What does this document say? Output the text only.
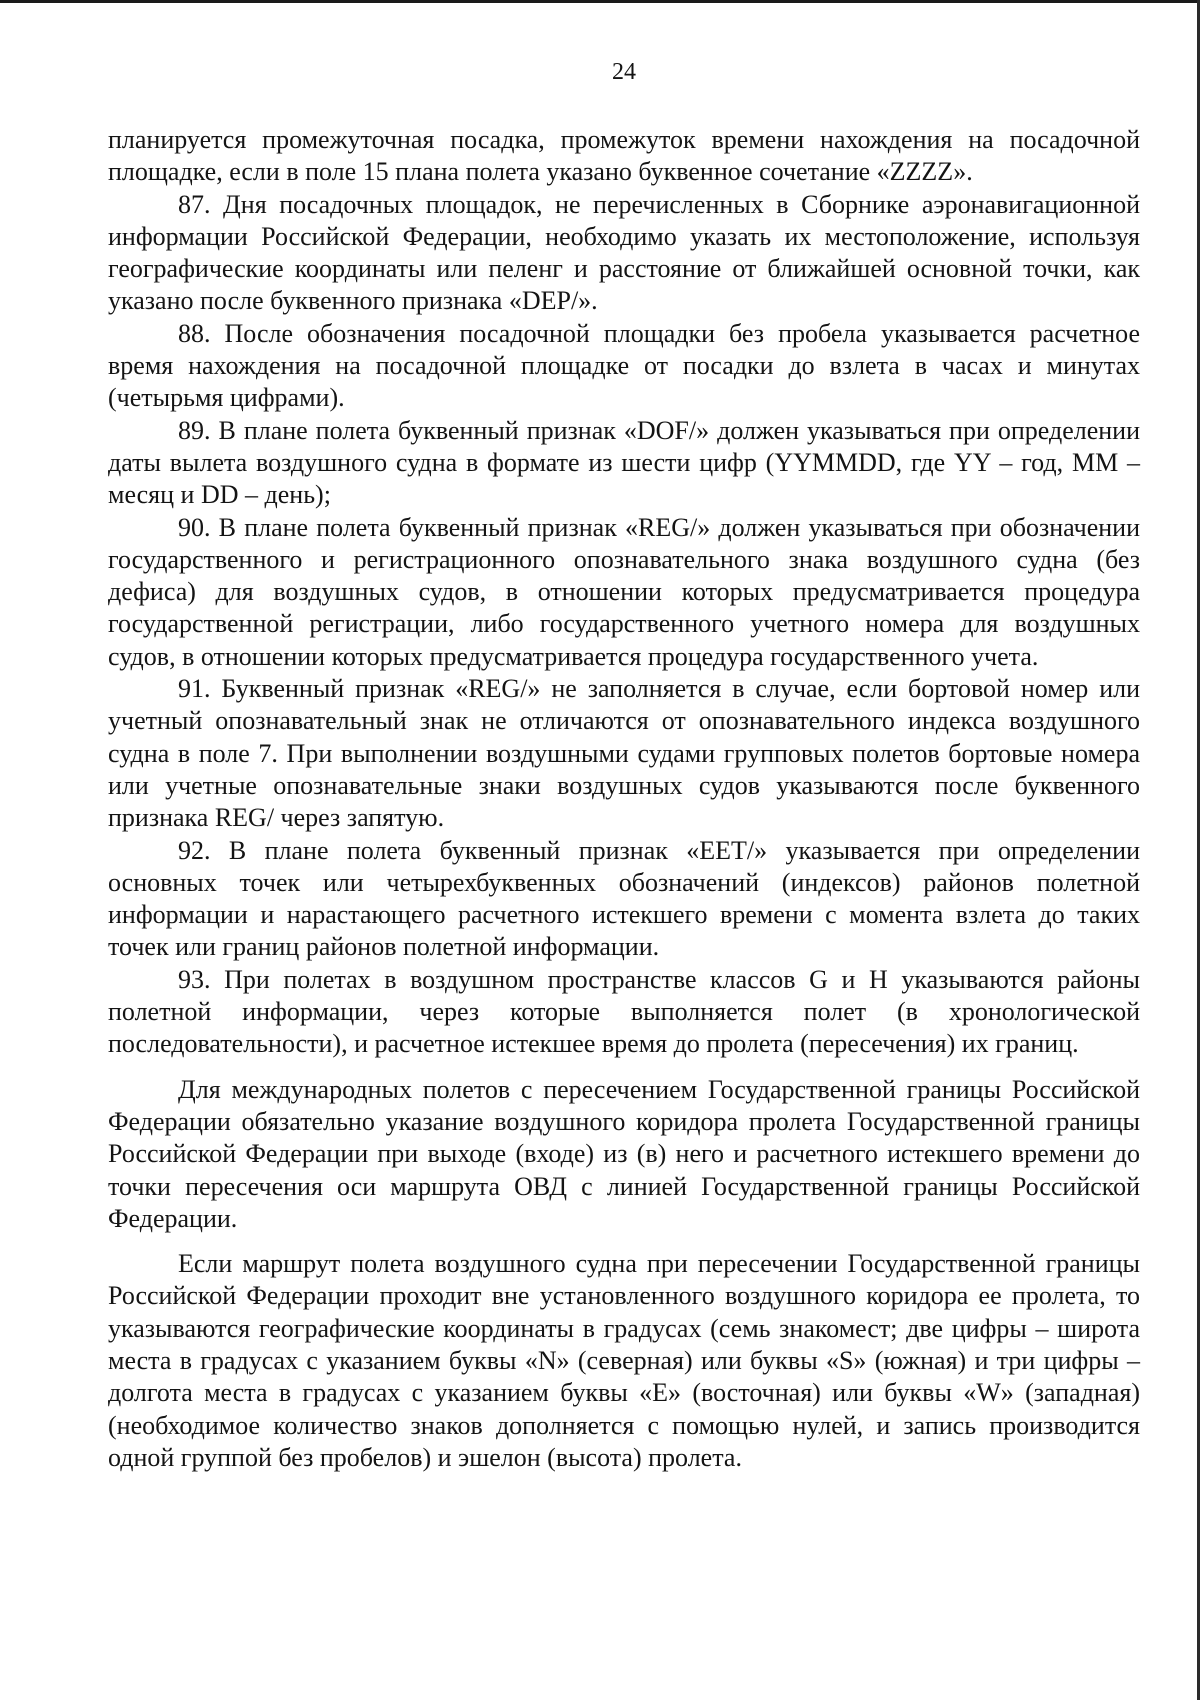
24

планируется промежуточная посадка, промежуток времени нахождения на посадочной площадке, если в поле 15 плана полета указано буквенное сочетание «ZZZZ».

87. Дня посадочных площадок, не перечисленных в Сборнике аэронавигационной информации Российской Федерации, необходимо указать их местоположение, используя географические координаты или пеленг и расстояние от ближайшей основной точки, как указано после буквенного признака «DEP/».

88. После обозначения посадочной площадки без пробела указывается расчетное время нахождения на посадочной площадке от посадки до взлета в часах и минутах (четырьмя цифрами).

89. В плане полета буквенный признак «DOF/» должен указываться при определении даты вылета воздушного судна в формате из шести цифр (YYMMDD, где YY – год, MM – месяц и DD – день);

90. В плане полета буквенный признак «REG/» должен указываться при обозначении государственного и регистрационного опознавательного знака воздушного судна (без дефиса) для воздушных судов, в отношении которых предусматривается процедура государственной регистрации, либо государственного учетного номера для воздушных судов, в отношении которых предусматривается процедура государственного учета.

91. Буквенный признак «REG/» не заполняется в случае, если бортовой номер или учетный опознавательный знак не отличаются от опознавательного индекса воздушного судна в поле 7. При выполнении воздушными судами групповых полетов бортовые номера или учетные опознавательные знаки воздушных судов указываются после буквенного признака REG/ через запятую.

92. В плане полета буквенный признак «EET/» указывается при определении основных точек или четырехбуквенных обозначений (индексов) районов полетной информации и нарастающего расчетного истекшего времени с момента взлета до таких точек или границ районов полетной информации.

93. При полетах в воздушном пространстве классов G и H указываются районы полетной информации, через которые выполняется полет (в хронологической последовательности), и расчетное истекшее время до пролета (пересечения) их границ.

Для международных полетов с пересечением Государственной границы Российской Федерации обязательно указание воздушного коридора пролета Государственной границы Российской Федерации при выходе (входе) из (в) него и расчетного истекшего времени до точки пересечения оси маршрута ОВД с линией Государственной границы Российской Федерации.

Если маршрут полета воздушного судна при пересечении Государственной границы Российской Федерации проходит вне установленного воздушного коридора ее пролета, то указываются географические координаты в градусах (семь знакомест; две цифры – широта места в градусах с указанием буквы «N» (северная) или буквы «S» (южная) и три цифры – долгота места в градусах с указанием буквы «E» (восточная) или буквы «W» (западная) (необходимое количество знаков дополняется с помощью нулей, и запись производится одной группой без пробелов) и эшелон (высота) пролета.
